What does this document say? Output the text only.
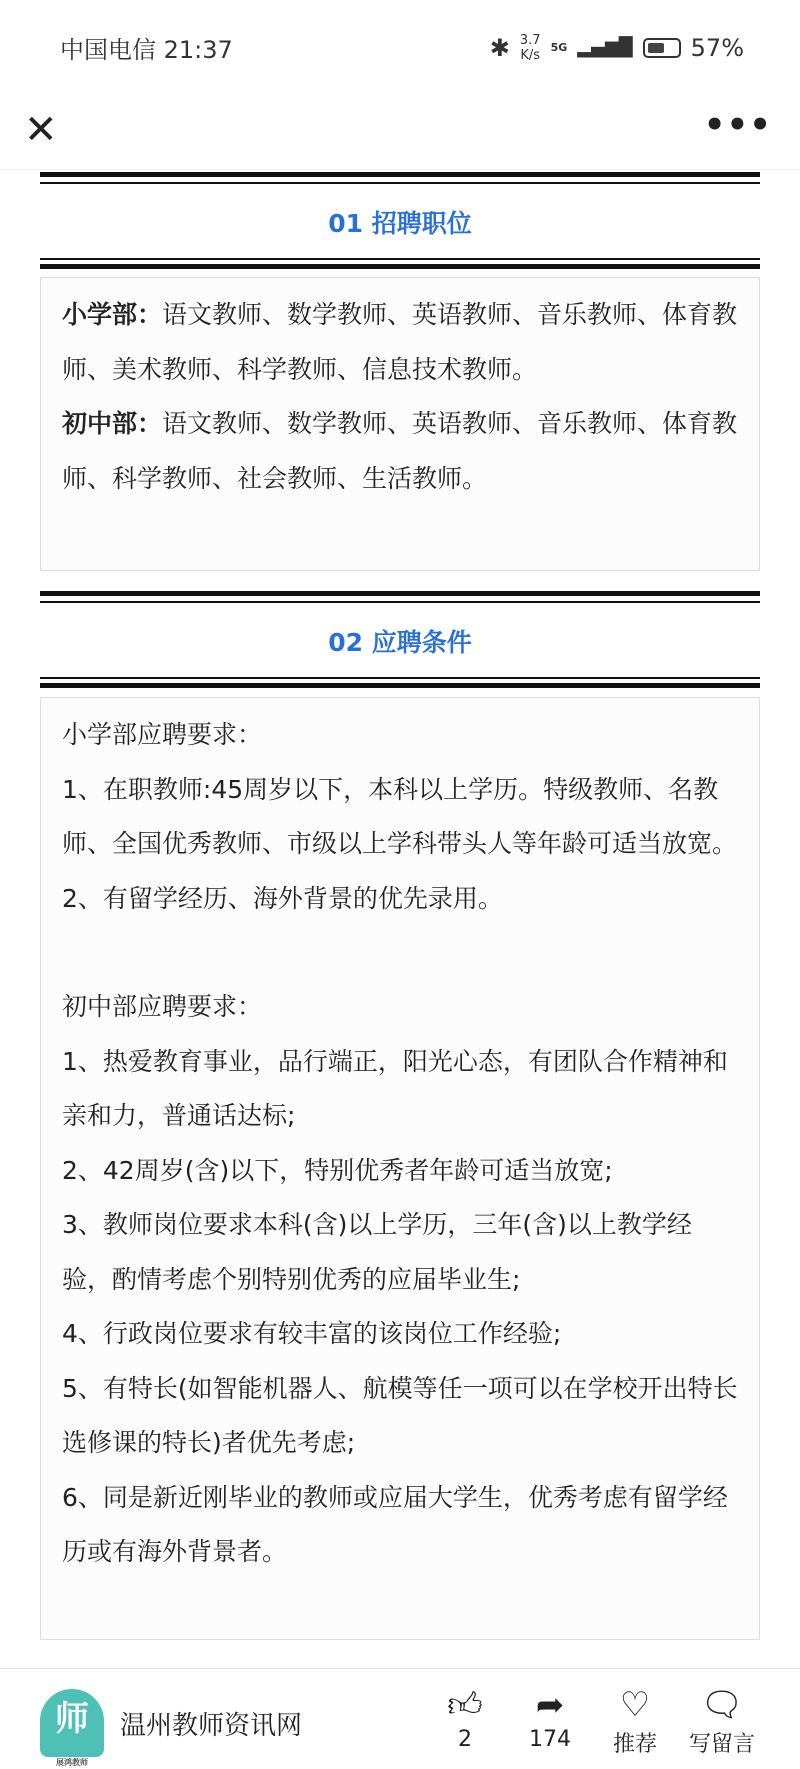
中国电信 21:37	✱ 3.7
K/s 5G ▂▄▆█ 57%
✕	•••
01 招聘职位

小学部：语文教师、数学教师、英语教师、音乐教师、体育教师、美术教师、科学教师、信息技术教师。

初中部：语文教师、数学教师、英语教师、音乐教师、体育教师、科学教师、社会教师、生活教师。

02 应聘条件

小学部应聘要求：

1、在职教师:45周岁以下，本科以上学历。特级教师、名教师、全国优秀教师、市级以上学科带头人等年龄可适当放宽。

2、有留学经历、海外背景的优先录用。

初中部应聘要求：

1、热爱教育事业，品行端正，阳光心态，有团队合作精神和亲和力，普通话达标;

2、42周岁(含)以下，特别优秀者年龄可适当放宽;

3、教师岗位要求本科(含)以上学历，三年(含)以上教学经验，酌情考虑个别特别优秀的应届毕业生;

4、行政岗位要求有较丰富的该岗位工作经验;

5、有特长(如智能机器人、航模等任一项可以在学校开出特长选修课的特长)者优先考虑;

6、同是新近刚毕业的教师或应届大学生，优秀考虑有留学经历或有海外背景者。

师
展鸿教师
温州教师资讯网
👍︎
2
➦
174
♡
推荐
🗨︎
写留言
